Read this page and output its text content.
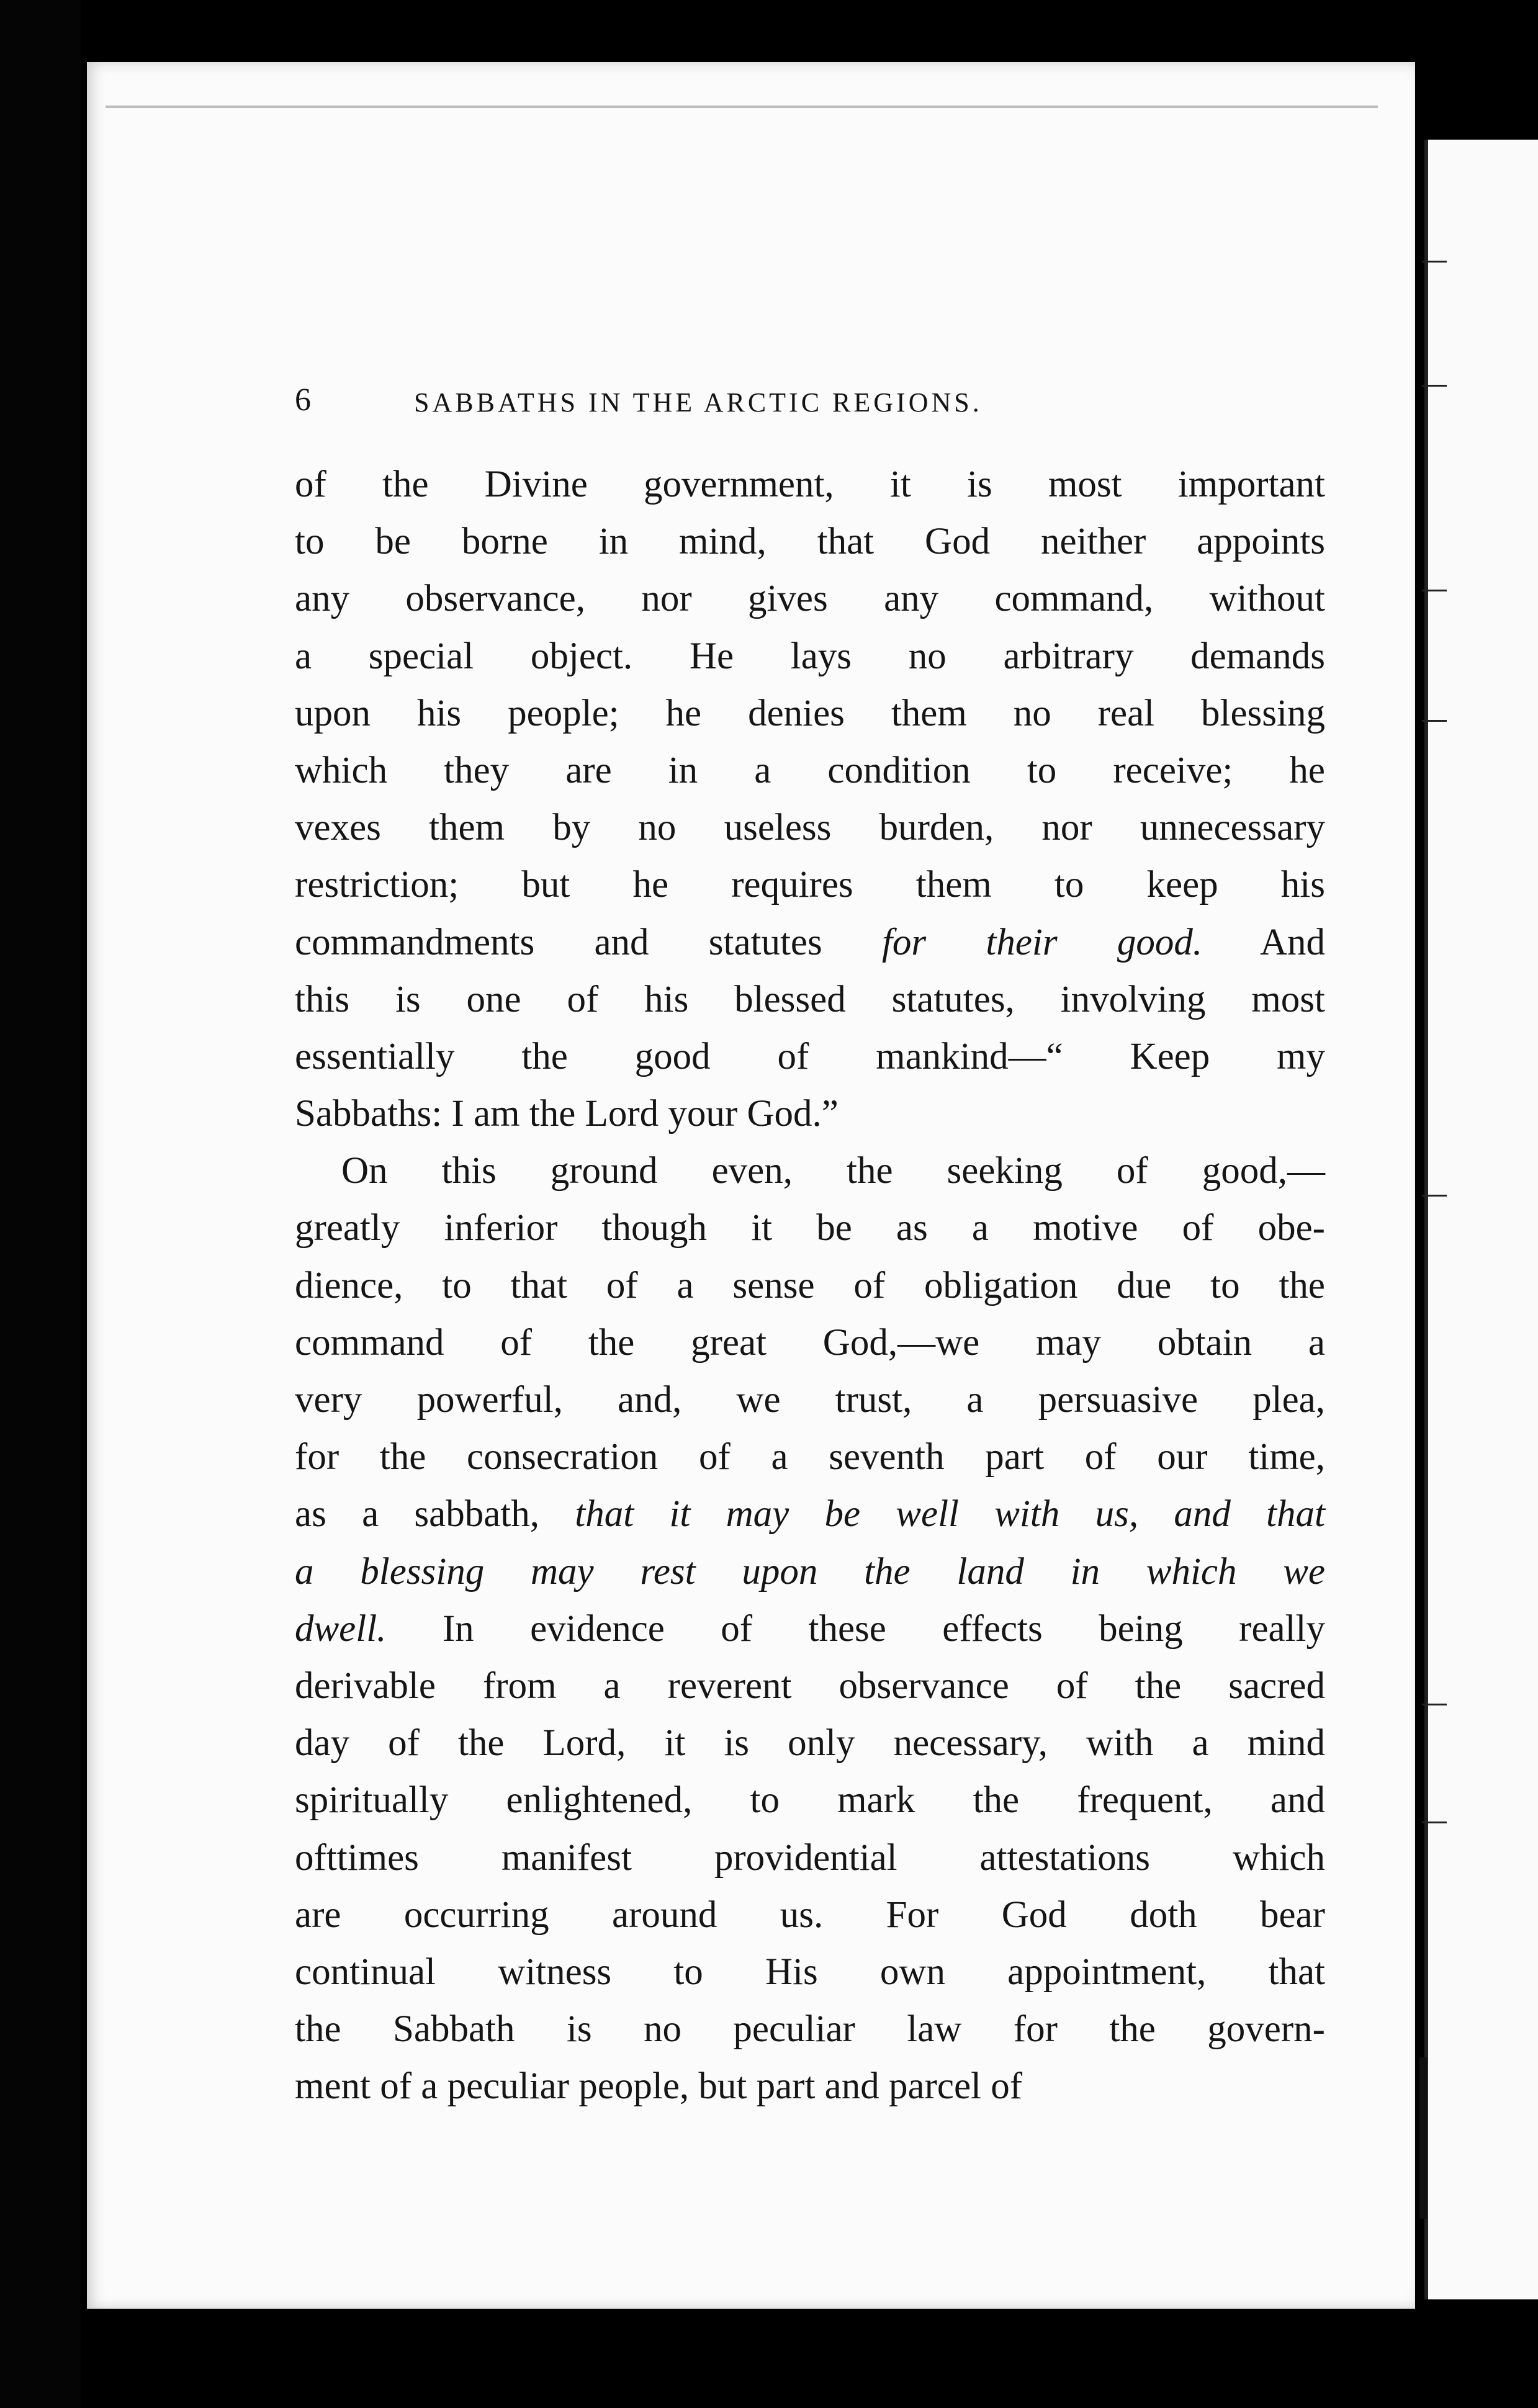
6	SABBATHS IN THE ARCTIC REGIONS.
of the Divine government, it is most important
to be borne in mind, that God neither appoints
any observance, nor gives any command, without
a special object. He lays no arbitrary demands
upon his people; he denies them no real blessing
which they are in a condition to receive; he
vexes them by no useless burden, nor unnecessary
restriction; but he requires them to keep his
commandments and statutes for their good. And
this is one of his blessed statutes, involving most
essentially the good of mankind—“ Keep my
Sabbaths: I am the Lord your God.”
On this ground even, the seeking of good,—
greatly inferior though it be as a motive of obe-
dience, to that of a sense of obligation due to the
command of the great God,—we may obtain a
very powerful, and, we trust, a persuasive plea,
for the consecration of a seventh part of our time,
as a sabbath, that it may be well with us, and that
a blessing may rest upon the land in which we
dwell. In evidence of these effects being really
derivable from a reverent observance of the sacred
day of the Lord, it is only necessary, with a mind
spiritually enlightened, to mark the frequent, and
ofttimes manifest providential attestations which
are occurring around us. For God doth bear
continual witness to His own appointment, that
the Sabbath is no peculiar law for the govern-
ment of a peculiar people, but part and parcel of
